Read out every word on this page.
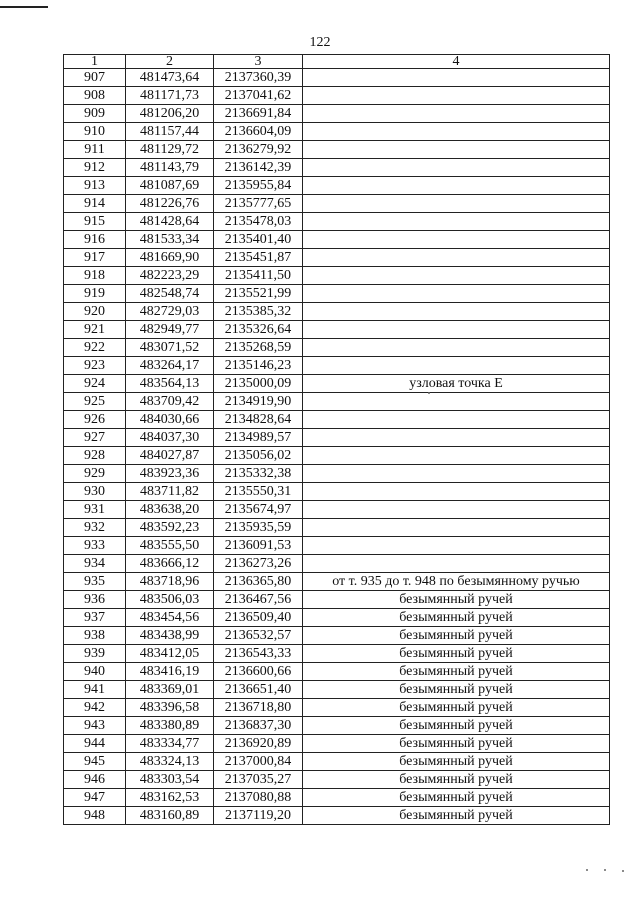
122
1	2	3	4
907	481473,64	2137360,39	
908	481171,73	2137041,62	
909	481206,20	2136691,84	
910	481157,44	2136604,09	
911	481129,72	2136279,92	
912	481143,79	2136142,39	
913	481087,69	2135955,84	
914	481226,76	2135777,65	
915	481428,64	2135478,03	
916	481533,34	2135401,40	
917	481669,90	2135451,87	
918	482223,29	2135411,50	
919	482548,74	2135521,99	
920	482729,03	2135385,32	
921	482949,77	2135326,64	
922	483071,52	2135268,59	
923	483264,17	2135146,23	
924	483564,13	2135000,09	узловая точка Е
925	483709,42	2134919,90	
926	484030,66	2134828,64	
927	484037,30	2134989,57	
928	484027,87	2135056,02	
929	483923,36	2135332,38	
930	483711,82	2135550,31	
931	483638,20	2135674,97	
932	483592,23	2135935,59	
933	483555,50	2136091,53	
934	483666,12	2136273,26	
935	483718,96	2136365,80	от т. 935 до т. 948 по безымянному ручью
936	483506,03	2136467,56	безымянный ручей
937	483454,56	2136509,40	безымянный ручей
938	483438,99	2136532,57	безымянный ручей
939	483412,05	2136543,33	безымянный ручей
940	483416,19	2136600,66	безымянный ручей
941	483369,01	2136651,40	безымянный ручей
942	483396,58	2136718,80	безымянный ручей
943	483380,89	2136837,30	безымянный ручей
944	483334,77	2136920,89	безымянный ручей
945	483324,13	2137000,84	безымянный ручей
946	483303,54	2137035,27	безымянный ручей
947	483162,53	2137080,88	безымянный ручей
948	483160,89	2137119,20	безымянный ручей
